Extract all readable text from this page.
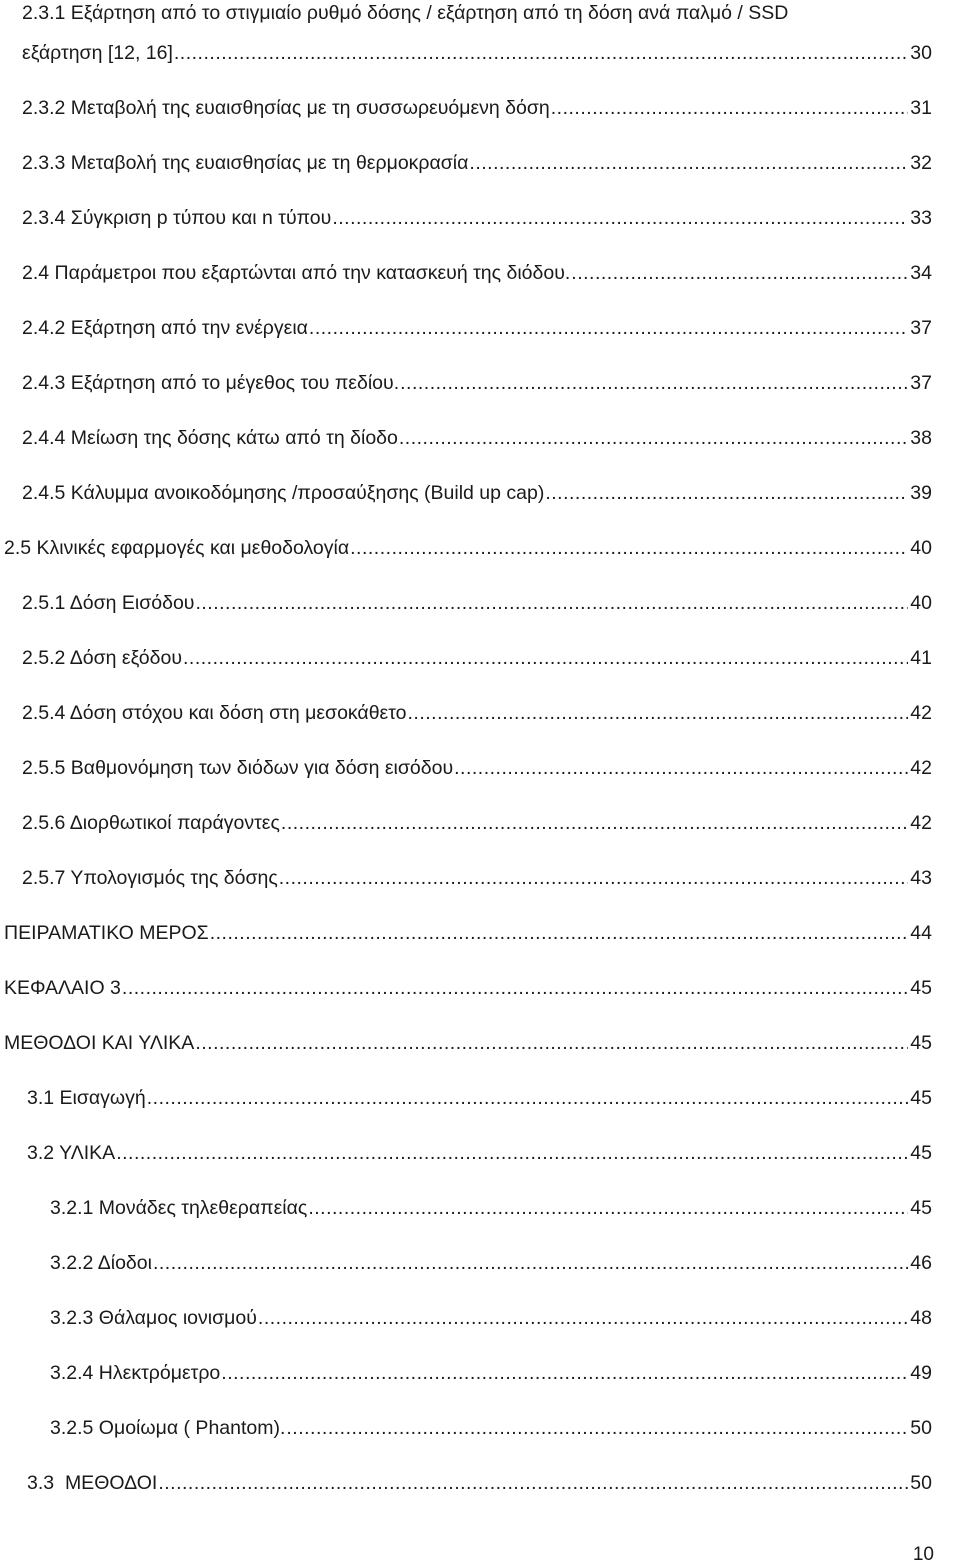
2.3.1 Εξάρτηση από το στιγμιαίο ρυθμό δόσης / εξάρτηση από τη δόση ανά παλμό / SSD
εξάρτηση [12, 16] .....	30
2.3.2 Μεταβολή της ευαισθησίας με τη συσσωρευόμενη δόση .....	31
2.3.3 Μεταβολή της ευαισθησίας με τη θερμοκρασία .....	32
2.3.4 Σύγκριση p τύπου και n τύπου .....	33
2.4 Παράμετροι που εξαρτώνται από την κατασκευή της διόδου. .....	34
2.4.2 Εξάρτηση από την ενέργεια .....	37
2.4.3 Εξάρτηση από το μέγεθος του πεδίου. .....	37
2.4.4 Μείωση της δόσης κάτω από τη δίοδο .....	38
2.4.5 Κάλυμμα ανοικοδόμησης /προσαύξησης (Build up cap) .....	39
2.5 Κλινικές εφαρμογές και μεθοδολογία .....	40
2.5.1 Δόση Εισόδου .....	40
2.5.2 Δόση εξόδου .....	41
2.5.4 Δόση στόχου και δόση στη μεσοκάθετο .....	42
2.5.5 Βαθμονόμηση των διόδων για δόση εισόδου .....	42
2.5.6 Διορθωτικοί παράγοντες .....	42
2.5.7 Υπολογισμός της δόσης .....	43
ΠΕΙΡΑΜΑΤΙΚΟ ΜΕΡΟΣ .....	44
ΚΕΦΑΛΑΙΟ 3 .....	45
ΜΕΘΟΔΟΙ ΚΑΙ ΥΛΙΚΑ .....	45
3.1 Εισαγωγή .....	45
3.2 ΥΛΙΚΑ .....	45
3.2.1 Μονάδες τηλεθεραπείας .....	45
3.2.2 Δίοδοι .....	46
3.2.3 Θάλαμος ιονισμού .....	48
3.2.4 Ηλεκτρόμετρο .....	49
3.2.5 Ομοίωμα ( Phantom). .....	50
3.3  ΜΕΘΟΔΟΙ .....	50
10
